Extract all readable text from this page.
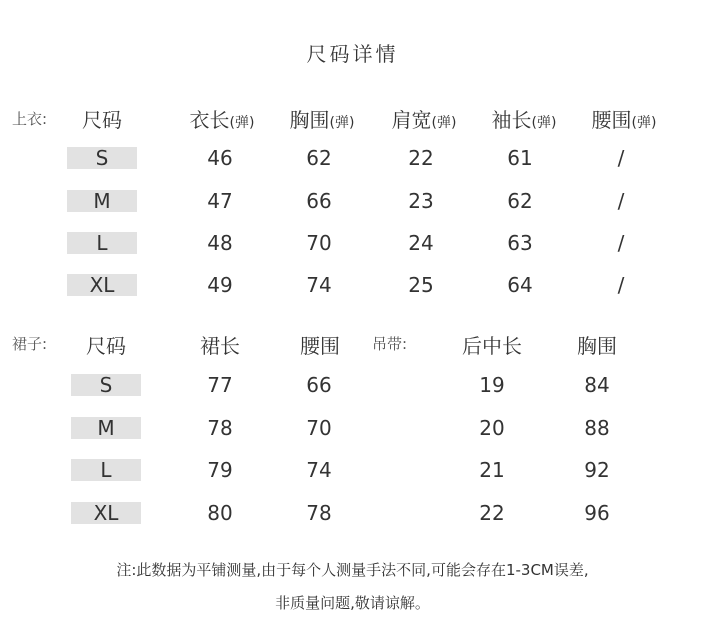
尺码详情
上衣:	尺码	衣长(弹)	胸围(弹)	肩宽(弹)	袖长(弹)	腰围(弹)
S	46	62	22	61	/
M	47	66	23	62	/
L	48	70	24	63	/
XL	49	74	25	64	/
裙子:	吊带:
尺码	裙长	腰围	后中长	胸围
S	77	66	19	84
M	78	70	20	88
L	79	74	21	92
XL	80	78	22	96
注:此数据为平铺测量,由于每个人测量手法不同,可能会存在1-3CM误差,
非质量问题,敬请谅解。
